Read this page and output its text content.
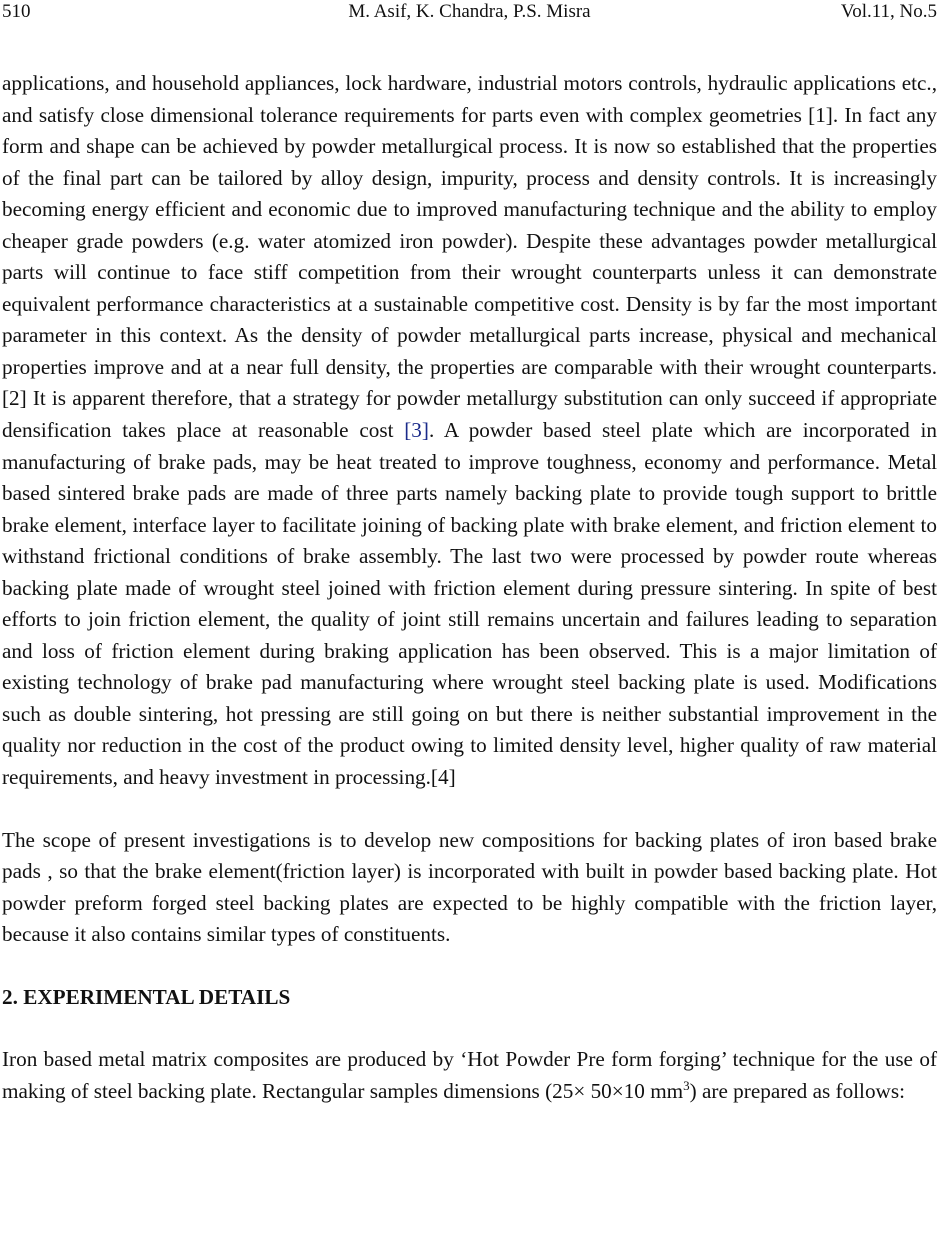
510	M. Asif, K. Chandra, P.S. Misra	Vol.11, No.5

applications, and household appliances, lock hardware, industrial motors controls, hydraulic applications etc., and satisfy close dimensional tolerance requirements for parts even with complex geometries [1]. In fact any form and shape can be achieved by powder metallurgical process. It is now so established that the properties of the final part can be tailored by alloy design, impurity, process and density controls. It is increasingly becoming energy efficient and economic due to improved manufacturing technique and the ability to employ cheaper grade powders (e.g. water atomized iron powder). Despite these advantages powder metallurgical parts will continue to face stiff competition from their wrought counterparts unless it can demonstrate equivalent performance characteristics at a sustainable competitive cost. Density is by far the most important parameter in this context. As the density of powder metallurgical parts increase, physical and mechanical properties improve and at a near full density, the properties are comparable with their wrought counterparts. [2] It is apparent therefore, that a strategy for powder metallurgy substitution can only succeed if appropriate densification takes place at reasonable cost [3]. A powder based steel plate which are incorporated in manufacturing of brake pads, may be heat treated to improve toughness, economy and performance. Metal based sintered brake pads are made of three parts namely backing plate to provide tough support to brittle brake element, interface layer to facilitate joining of backing plate with brake element, and friction element to withstand frictional conditions of brake assembly. The last two were processed by powder route whereas backing plate made of wrought steel joined with friction element during pressure sintering. In spite of best efforts to join friction element, the quality of joint still remains uncertain and failures leading to separation and loss of friction element during braking application has been observed. This is a major limitation of existing technology of brake pad manufacturing where wrought steel backing plate is used. Modifications such as double sintering, hot pressing are still going on but there is neither substantial improvement in the quality nor reduction in the cost of the product owing to limited density level, higher quality of raw material requirements, and heavy investment in processing.[4]

The scope of present investigations is to develop new compositions for backing plates of iron based brake pads , so that the brake element(friction layer) is incorporated with built in powder based backing plate. Hot powder preform forged steel backing plates are expected to be highly compatible with the friction layer, because it also contains similar types of constituents.

2. EXPERIMENTAL DETAILS

Iron based metal matrix composites are produced by ‘Hot Powder Pre form forging’ technique for the use of making of steel backing plate. Rectangular samples dimensions (25× 50×10 $mm^3$) are prepared as follows:
